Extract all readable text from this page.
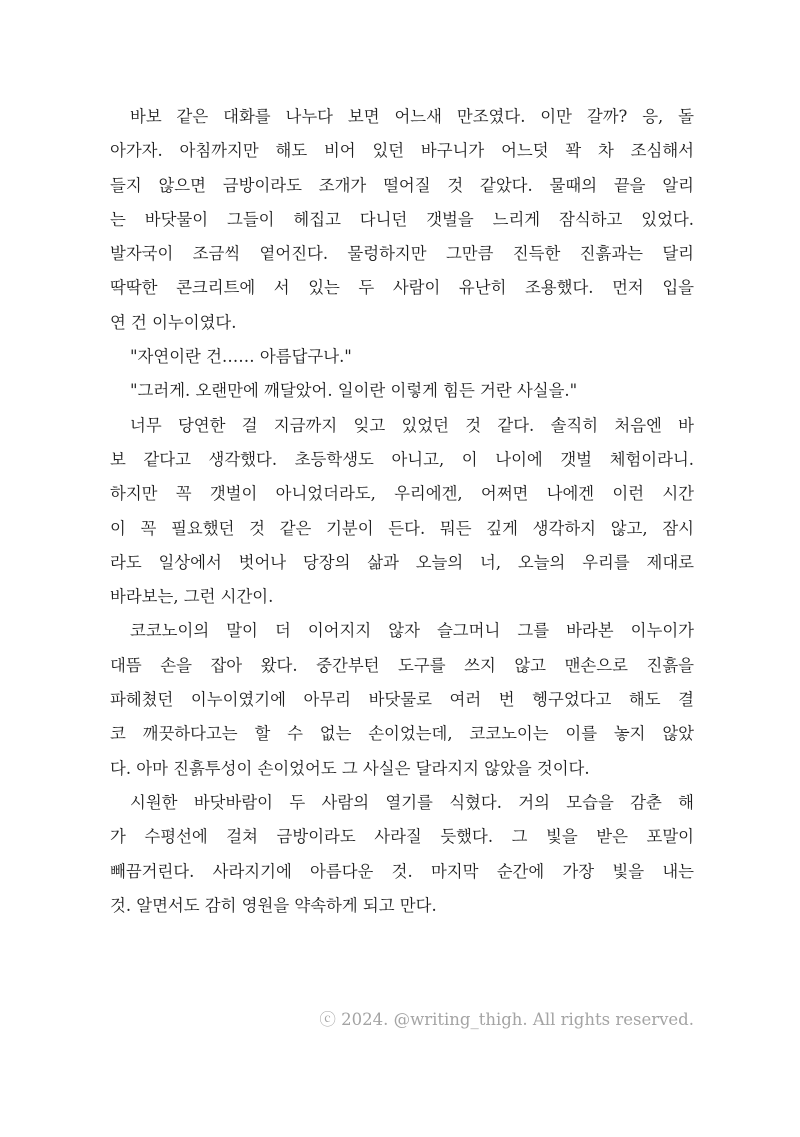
바보 같은 대화를 나누다 보면 어느새 만조였다. 이만 갈까? 응, 돌
아가자. 아침까지만 해도 비어 있던 바구니가 어느덧 꽉 차 조심해서
들지 않으면 금방이라도 조개가 떨어질 것 같았다. 물때의 끝을 알리
는 바닷물이 그들이 헤집고 다니던 갯벌을 느리게 잠식하고 있었다.
발자국이 조금씩 옅어진다. 물렁하지만 그만큼 진득한 진흙과는 달리
딱딱한 콘크리트에 서 있는 두 사람이 유난히 조용했다. 먼저 입을
연 건 이누이였다.
"자연이란 건…… 아름답구나."
"그러게. 오랜만에 깨달았어. 일이란 이렇게 힘든 거란 사실을."
너무 당연한 걸 지금까지 잊고 있었던 것 같다. 솔직히 처음엔 바
보 같다고 생각했다. 초등학생도 아니고, 이 나이에 갯벌 체험이라니.
하지만 꼭 갯벌이 아니었더라도, 우리에겐, 어쩌면 나에겐 이런 시간
이 꼭 필요했던 것 같은 기분이 든다. 뭐든 깊게 생각하지 않고, 잠시
라도 일상에서 벗어나 당장의 삶과 오늘의 너, 오늘의 우리를 제대로
바라보는, 그런 시간이.
코코노이의 말이 더 이어지지 않자 슬그머니 그를 바라본 이누이가
대뜸 손을 잡아 왔다. 중간부턴 도구를 쓰지 않고 맨손으로 진흙을
파헤쳤던 이누이였기에 아무리 바닷물로 여러 번 헹구었다고 해도 결
코 깨끗하다고는 할 수 없는 손이었는데, 코코노이는 이를 놓지 않았
다. 아마 진흙투성이 손이었어도 그 사실은 달라지지 않았을 것이다.
시원한 바닷바람이 두 사람의 열기를 식혔다. 거의 모습을 감춘 해
가 수평선에 걸쳐 금방이라도 사라질 듯했다. 그 빛을 받은 포말이
빼끔거린다. 사라지기에 아름다운 것. 마지막 순간에 가장 빛을 내는
것. 알면서도 감히 영원을 약속하게 되고 만다.
ⓒ 2024. @writing_thigh. All rights reserved.
